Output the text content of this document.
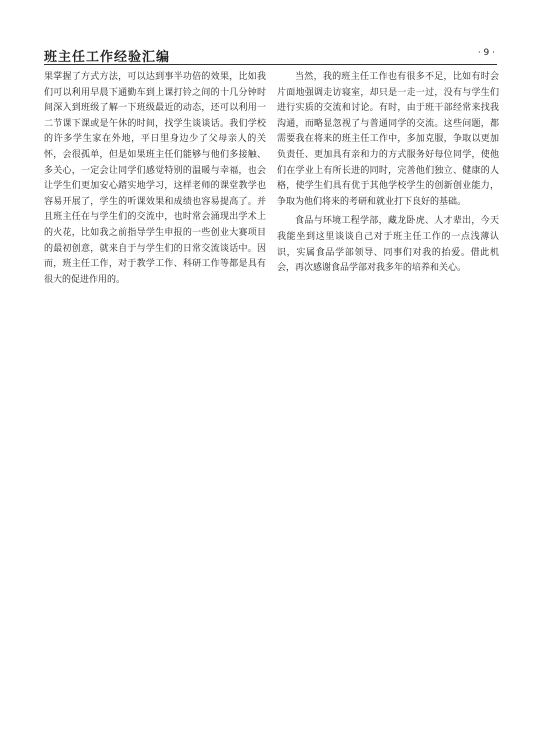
班主任工作经验汇编	· 9 ·

果掌握了方式方法，可以达到事半功倍的效果，比如我们可以利用早晨下通勤车到上课打铃之间的十几分钟时间深入到班级了解一下班级最近的动态，还可以利用一二节课下课或是午休的时间，找学生谈谈话。我们学校的许多学生家在外地，平日里身边少了父母亲人的关怀，会很孤单，但是如果班主任们能够与他们多接触、多关心，一定会让同学们感觉特别的温暖与幸福，也会让学生们更加安心踏实地学习，这样老师的课堂教学也容易开展了，学生的听课效果和成绩也容易提高了。并且班主任在与学生们的交流中，也时常会涌现出学术上的火花，比如我之前指导学生申报的一些创业大赛项目的最初创意，就来自于与学生们的日常交流谈话中。因而，班主任工作，对于教学工作、科研工作等都是具有很大的促进作用的。

当然，我的班主任工作也有很多不足，比如有时会片面地强调走访寝室，却只是一走一过，没有与学生们进行实质的交流和讨论。有时，由于班干部经常来找我沟通，而略显忽视了与普通同学的交流。这些问题，都需要我在将来的班主任工作中，多加克服，争取以更加负责任、更加具有亲和力的方式服务好每位同学，使他们在学业上有所长进的同时，完善他们独立、健康的人格，使学生们具有优于其他学校学生的创新创业能力，争取为他们将来的考研和就业打下良好的基础。

食品与环境工程学部，藏龙卧虎、人才辈出，今天我能坐到这里谈谈自己对于班主任工作的一点浅薄认识，实属食品学部领导、同事们对我的抬爱。借此机会，再次感谢食品学部对我多年的培养和关心。
